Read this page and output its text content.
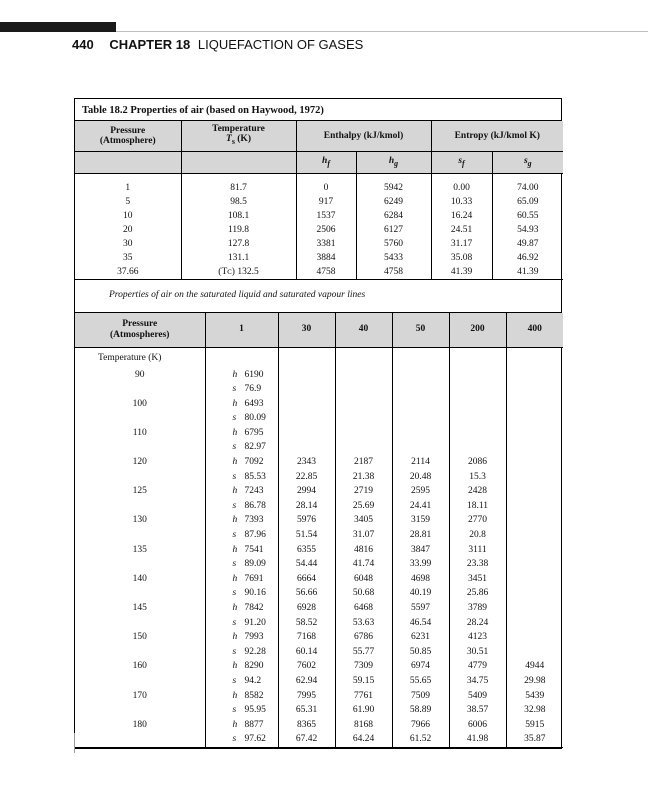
440 CHAPTER 18 LIQUEFACTION OF GASES
Table 18.2 Properties of air (based on Haywood, 1972)
Pressure
(Atmosphere)	Temperature
$T_s$ (K)	Enthalpy (kJ/kmol)		Entropy (kJ/kmol K)	
		$h_f$	$h_g$	$s_f$	$s_g$

1	81.7	0	5942	0.00	74.00
5	98.5	917	6249	10.33	65.09
10	108.1	1537	6284	16.24	60.55
20	119.8	2506	6127	24.51	54.93
30	127.8	3381	5760	31.17	49.87
35	131.1	3884	5433	35.08	46.92
37.66	(Tᴄ) 132.5	4758	4758	41.39	41.39
Properties of air on the saturated liquid and saturated vapour lines
Pressure
(Atmospheres)	1	30	40	50	200	400
Temperature (K)						
90	h 6190					
	s 76.9					
100	h 6493					
	s 80.09					
110	h 6795					
	s 82.97					
120	h 7092	2343	2187	2114	2086	
	s 85.53	22.85	21.38	20.48	15.3	
125	h 7243	2994	2719	2595	2428	
	s 86.78	28.14	25.69	24.41	18.11	
130	h 7393	5976	3405	3159	2770	
	s 87.96	51.54	31.07	28.81	20.8	
135	h 7541	6355	4816	3847	3111	
	s 89.09	54.44	41.74	33.99	23.38	
140	h 7691	6664	6048	4698	3451	
	s 90.16	56.66	50.68	40.19	25.86	
145	h 7842	6928	6468	5597	3789	
	s 91.20	58.52	53.63	46.54	28.24	
150	h 7993	7168	6786	6231	4123	
	s 92.28	60.14	55.77	50.85	30.51	
160	h 8290	7602	7309	6974	4779	4944
	s 94.2	62.94	59.15	55.65	34.75	29.98
170	h 8582	7995	7761	7509	5409	5439
	s 95.95	65.31	61.90	58.89	38.57	32.98
180	h 8877	8365	8168	7966	6006	5915
	s 97.62	67.42	64.24	61.52	41.98	35.87
